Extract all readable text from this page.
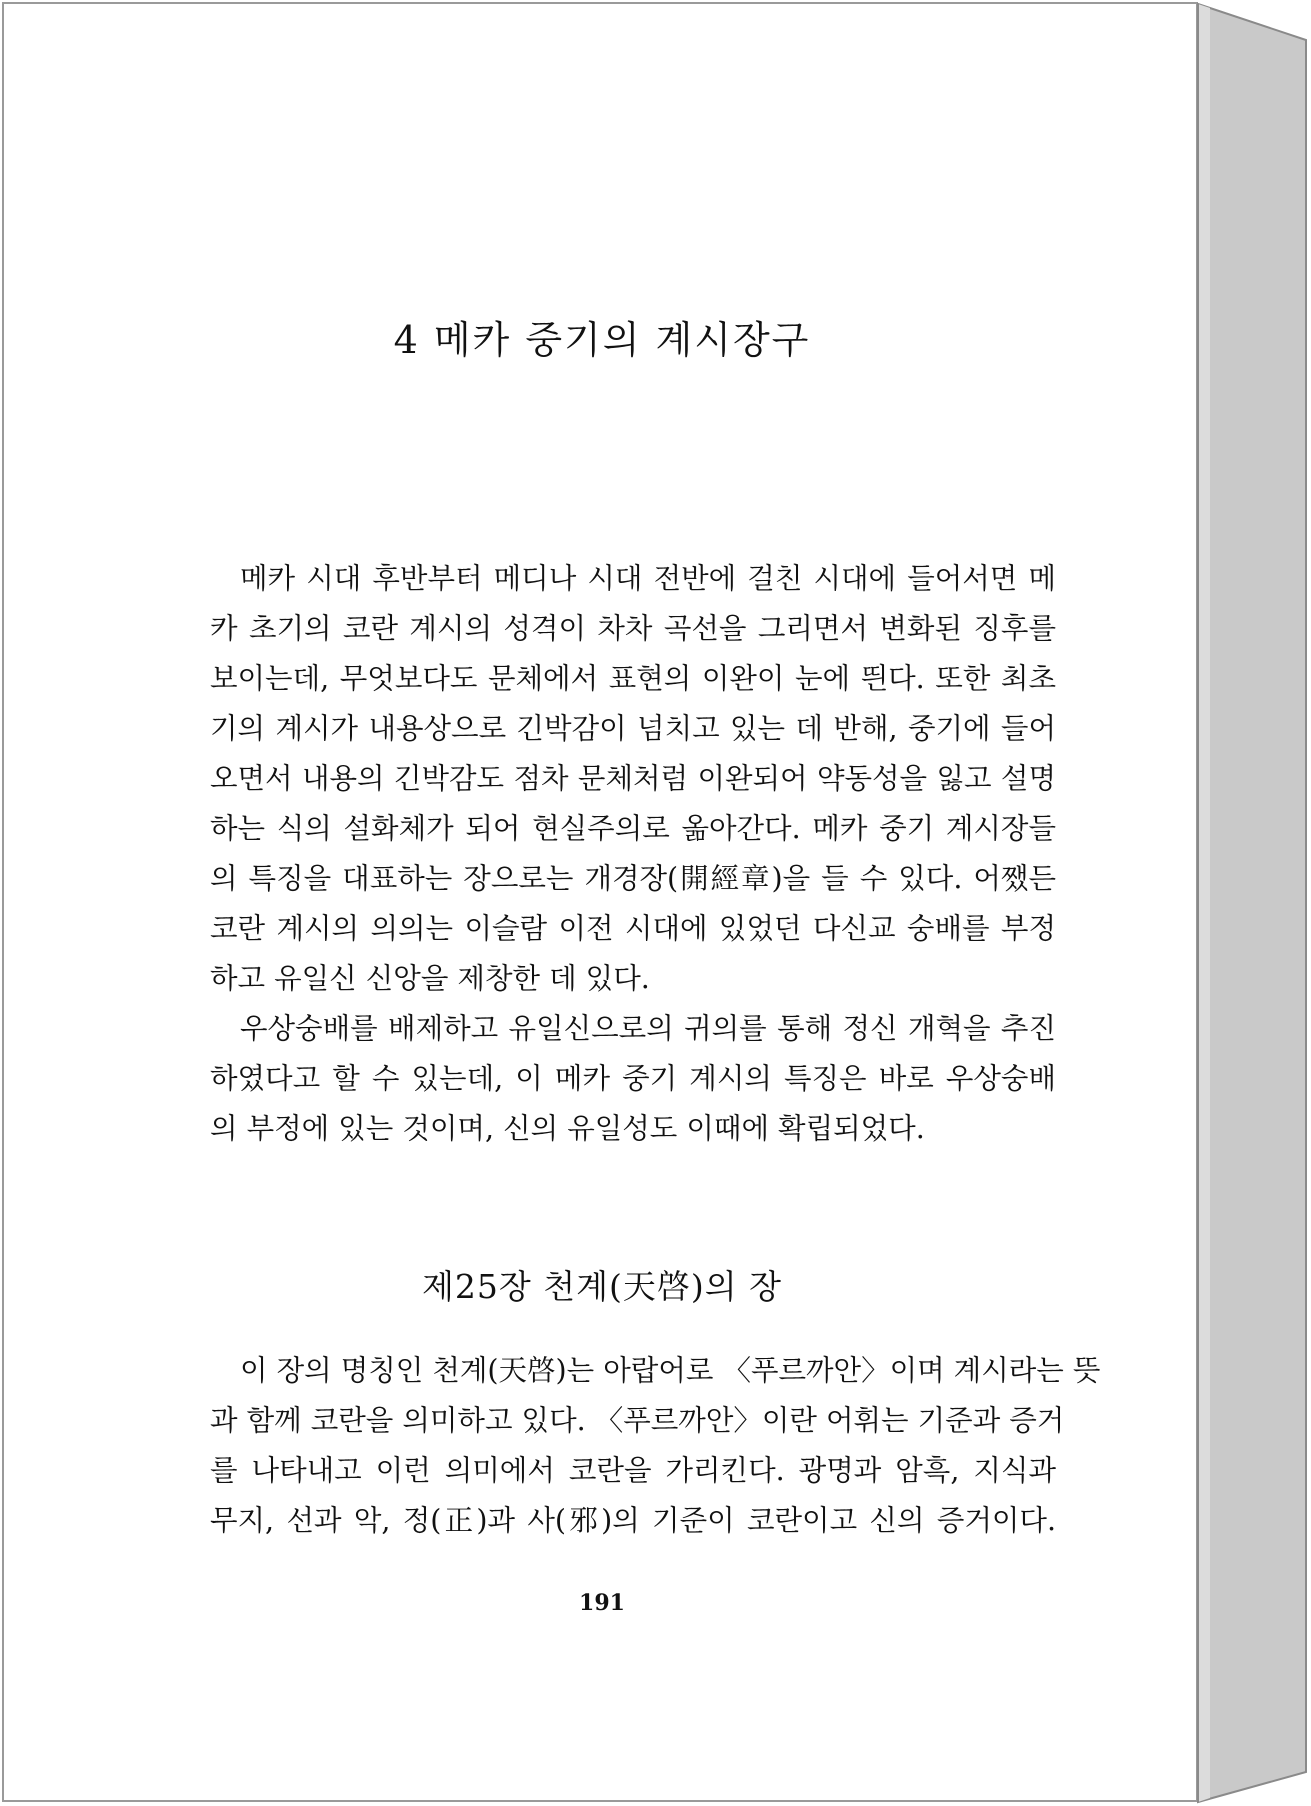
4 메카 중기의 계시장구
메카 시대 후반부터 메디나 시대 전반에 걸친 시대에 들어서면 메
카 초기의 코란 계시의 성격이 차차 곡선을 그리면서 변화된 징후를
보이는데, 무엇보다도 문체에서 표현의 이완이 눈에 띈다. 또한 최초
기의 계시가 내용상으로 긴박감이 넘치고 있는 데 반해, 중기에 들어
오면서 내용의 긴박감도 점차 문체처럼 이완되어 약동성을 잃고 설명
하는 식의 설화체가 되어 현실주의로 옮아간다. 메카 중기 계시장들
의 특징을 대표하는 장으로는 개경장(開經章)을 들 수 있다. 어쨌든
코란 계시의 의의는 이슬람 이전 시대에 있었던 다신교 숭배를 부정
하고 유일신 신앙을 제창한 데 있다.
우상숭배를 배제하고 유일신으로의 귀의를 통해 정신 개혁을 추진
하였다고 할 수 있는데, 이 메카 중기 계시의 특징은 바로 우상숭배
의 부정에 있는 것이며, 신의 유일성도 이때에 확립되었다.
제25장 천계(天啓)의 장
이 장의 명칭인 천계(天啓)는 아랍어로 〈푸르까안〉이며 계시라는 뜻
과 함께 코란을 의미하고 있다. 〈푸르까안〉이란 어휘는 기준과 증거
를 나타내고 이런 의미에서 코란을 가리킨다. 광명과 암흑, 지식과
무지, 선과 악, 정(正)과 사(邪)의 기준이 코란이고 신의 증거이다.
191
